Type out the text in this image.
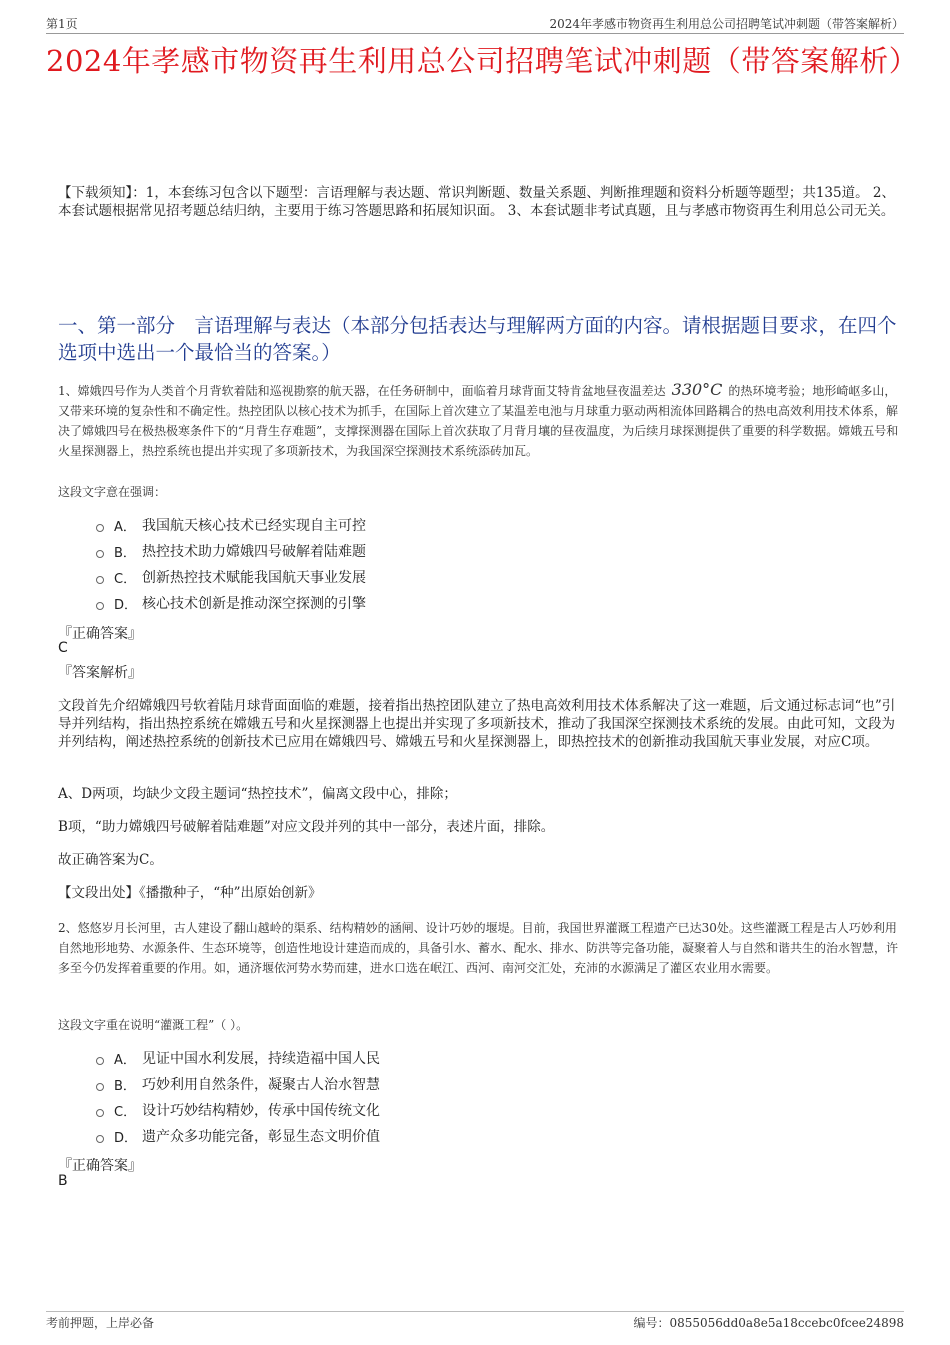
第1页	2024年孝感市物资再生利用总公司招聘笔试冲刺题（带答案解析）
2024年孝感市物资再生利用总公司招聘笔试冲刺题（带答案解析）
【下载须知】：1，本套练习包含以下题型：言语理解与表达题、常识判断题、数量关系题、判断推理题和资料分析题等题型；共135道。 2、本套试题根据常见招考题总结归纳，主要用于练习答题思路和拓展知识面。 3、本套试题非考试真题，且与孝感市物资再生利用总公司无关。
一、第一部分　言语理解与表达（本部分包括表达与理解两方面的内容。请根据题目要求，在四个选项中选出一个最恰当的答案。）
1、嫦娥四号作为人类首个月背软着陆和巡视勘察的航天器，在任务研制中，面临着月球背面艾特肯盆地昼夜温差达 330°C 的热环境考验；地形崎岖多山，又带来环境的复杂性和不确定性。热控团队以核心技术为抓手，在国际上首次建立了某温差电池与月球重力驱动两相流体回路耦合的热电高效利用技术体系，解决了嫦娥四号在极热极寒条件下的“月背生存难题”，支撑探测器在国际上首次获取了月背月壤的昼夜温度，为后续月球探测提供了重要的科学数据。嫦娥五号和火星探测器上，热控系统也提出并实现了多项新技术，为我国深空探测技术系统添砖加瓦。
这段文字意在强调：
A． 我国航天核心技术已经实现自主可控
B． 热控技术助力嫦娥四号破解着陆难题
C． 创新热控技术赋能我国航天事业发展
D． 核心技术创新是推动深空探测的引擎
『正确答案』
C
『答案解析』
文段首先介绍嫦娥四号软着陆月球背面面临的难题，接着指出热控团队建立了热电高效利用技术体系解决了这一难题，后文通过标志词“也”引导并列结构，指出热控系统在嫦娥五号和火星探测器上也提出并实现了多项新技术，推动了我国深空探测技术系统的发展。由此可知，文段为并列结构，阐述热控系统的创新技术已应用在嫦娥四号、嫦娥五号和火星探测器上，即热控技术的创新推动我国航天事业发展，对应C项。
A、D两项，均缺少文段主题词“热控技术”，偏离文段中心，排除；
B项，“助力嫦娥四号破解着陆难题”对应文段并列的其中一部分，表述片面，排除。
故正确答案为C。
【文段出处】《播撒种子，“种”出原始创新》
2、悠悠岁月长河里，古人建设了翻山越岭的渠系、结构精妙的涵闸、设计巧妙的堰堤。目前，我国世界灌溉工程遗产已达30处。这些灌溉工程是古人巧妙利用自然地形地势、水源条件、生态环境等，创造性地设计建造而成的，具备引水、蓄水、配水、排水、防洪等完备功能，凝聚着人与自然和谐共生的治水智慧，许多至今仍发挥着重要的作用。如，通济堰依河势水势而建，进水口选在岷江、西河、南河交汇处，充沛的水源满足了灌区农业用水需要。
这段文字重在说明“灌溉工程”（ ）。
A． 见证中国水利发展，持续造福中国人民
B． 巧妙利用自然条件，凝聚古人治水智慧
C． 设计巧妙结构精妙，传承中国传统文化
D． 遗产众多功能完备，彰显生态文明价值
『正确答案』
B
考前押题，上岸必备	编号：0855056dd0a8e5a18ccebc0fcee24898
